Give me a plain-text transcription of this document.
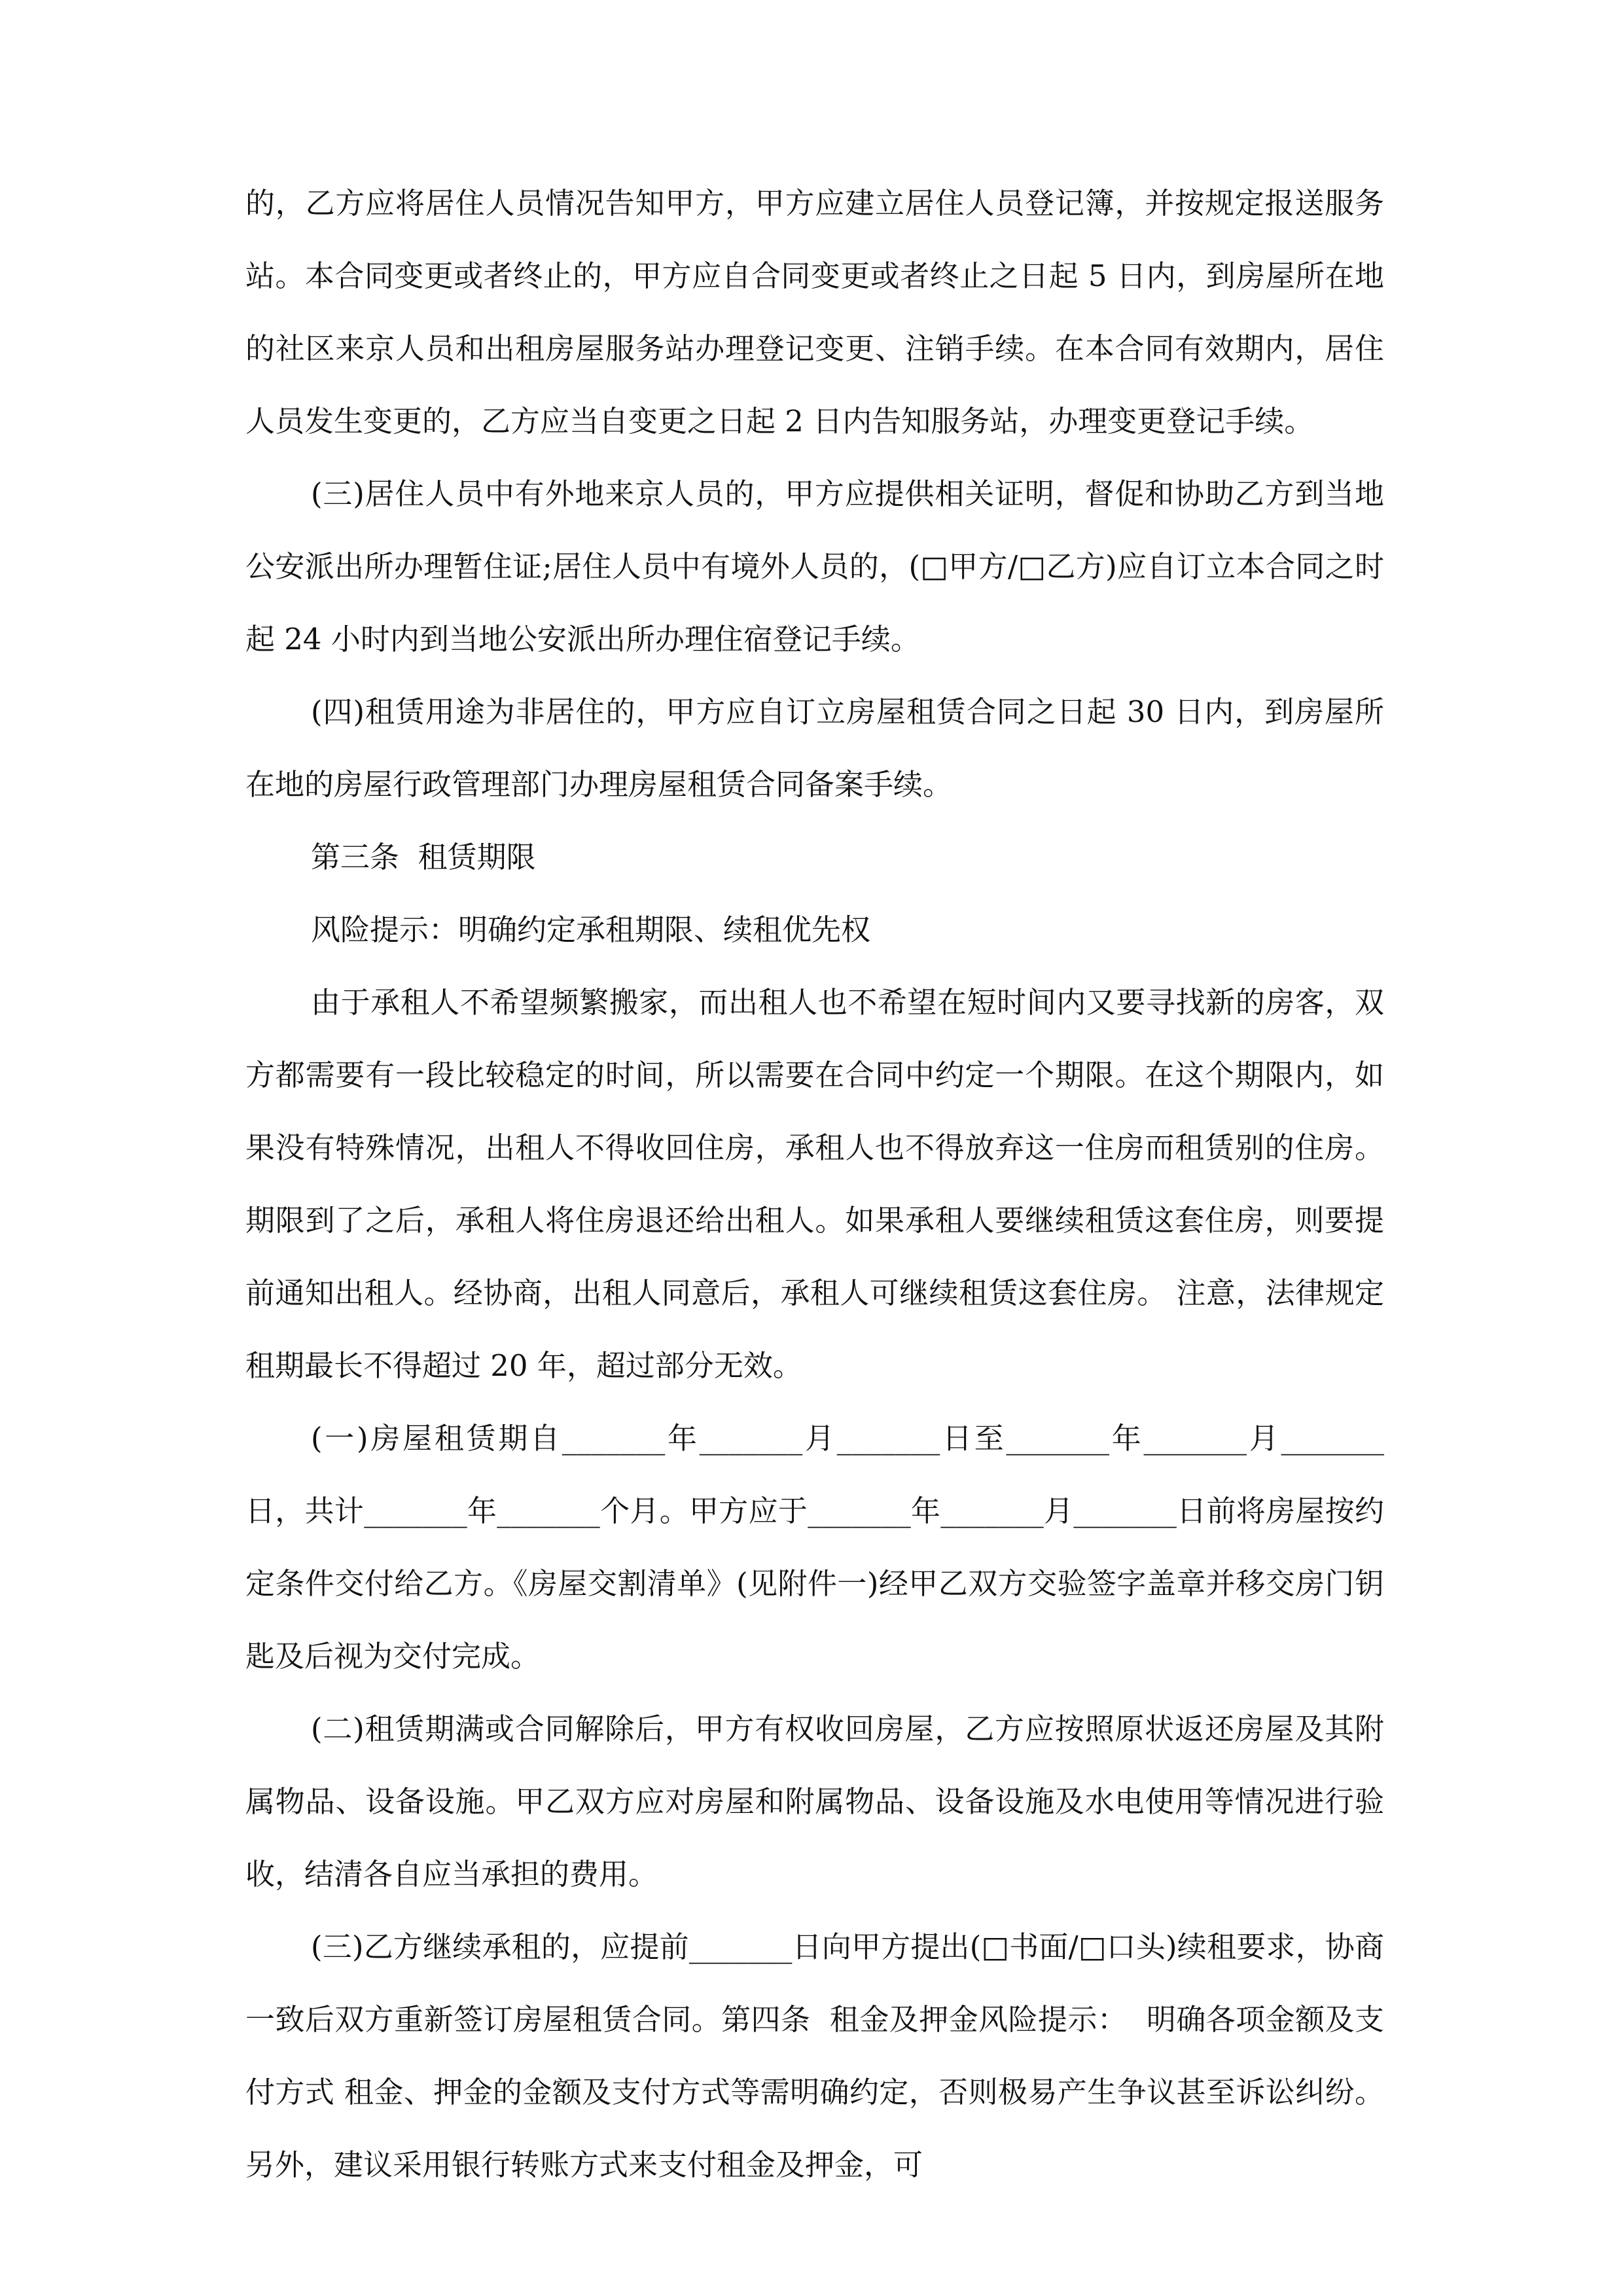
的，乙方应将居住人员情况告知甲方，甲方应建立居住人员登记簿，并按规定报送服务站。本合同变更或者终止的，甲方应自合同变更或者终止之日起 5 日内，到房屋所在地的社区来京人员和出租房屋服务站办理登记变更、注销手续。在本合同有效期内，居住人员发生变更的，乙方应当自变更之日起 2 日内告知服务站，办理变更登记手续。

(三)居住人员中有外地来京人员的，甲方应提供相关证明，督促和协助乙方到当地公安派出所办理暂住证;居住人员中有境外人员的，(□甲方/□乙方)应自订立本合同之时起 24 小时内到当地公安派出所办理住宿登记手续。

(四)租赁用途为非居住的，甲方应自订立房屋租赁合同之日起 30 日内，到房屋所在地的房屋行政管理部门办理房屋租赁合同备案手续。

第三条  租赁期限

风险提示：明确约定承租期限、续租优先权

由于承租人不希望频繁搬家，而出租人也不希望在短时间内又要寻找新的房客，双方都需要有一段比较稳定的时间，所以需要在合同中约定一个期限。在这个期限内，如果没有特殊情况，出租人不得收回住房，承租人也不得放弃这一住房而租赁别的住房。期限到了之后，承租人将住房退还给出租人。如果承租人要继续租赁这套住房，则要提前通知出租人。经协商，出租人同意后，承租人可继续租赁这套住房。 注意，法律规定租期最长不得超过 20 年，超过部分无效。

(一)房屋租赁期自_______年_______月_______日至_______年_______月_______日，共计_______年_______个月。甲方应于_______年_______月_______日前将房屋按约定条件交付给乙方。《房屋交割清单》(见附件一)经甲乙双方交验签字盖章并移交房门钥匙及后视为交付完成。

(二)租赁期满或合同解除后，甲方有权收回房屋，乙方应按照原状返还房屋及其附属物品、设备设施。甲乙双方应对房屋和附属物品、设备设施及水电使用等情况进行验收，结清各自应当承担的费用。

(三)乙方继续承租的，应提前_______日向甲方提出(□书面/□口头)续租要求，协商一致后双方重新签订房屋租赁合同。第四条  租金及押金风险提示：  明确各项金额及支付方式 租金、押金的金额及支付方式等需明确约定，否则极易产生争议甚至诉讼纠纷。 另外，建议采用银行转账方式来支付租金及押金，可
